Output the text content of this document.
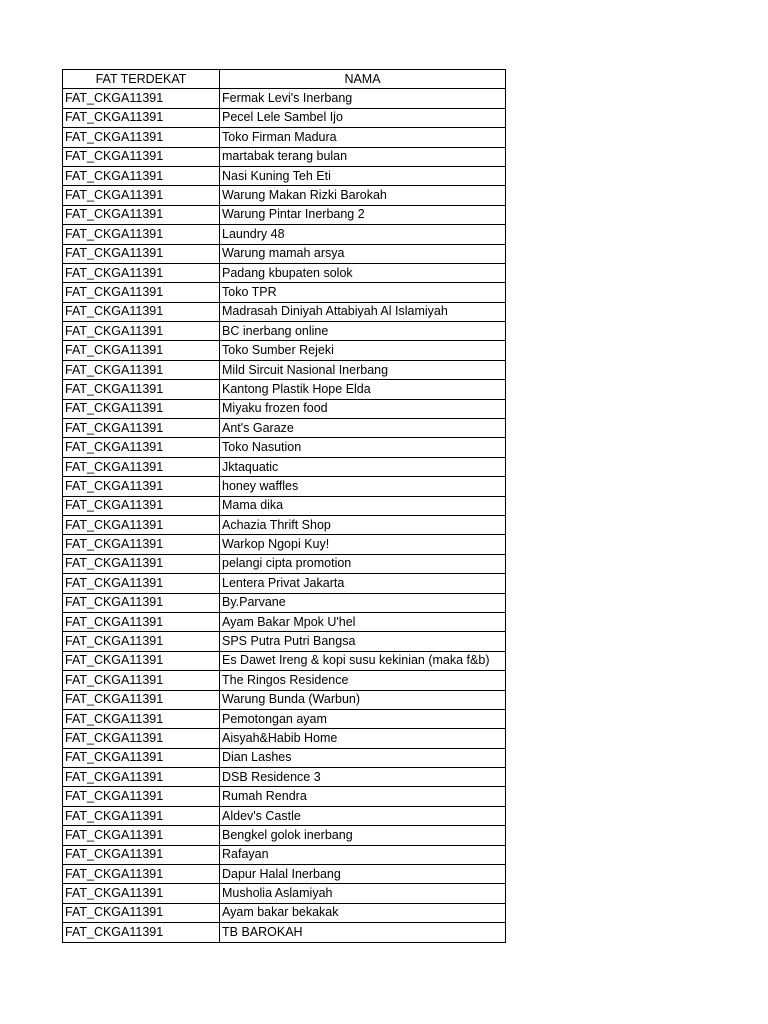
FAT TERDEKAT	NAMA
FAT_CKGA11391	Fermak Levi's Inerbang
FAT_CKGA11391	Pecel Lele Sambel Ijo
FAT_CKGA11391	Toko Firman Madura
FAT_CKGA11391	martabak terang bulan
FAT_CKGA11391	Nasi Kuning Teh Eti
FAT_CKGA11391	Warung Makan Rizki Barokah
FAT_CKGA11391	Warung Pintar Inerbang 2
FAT_CKGA11391	Laundry 48
FAT_CKGA11391	Warung mamah arsya
FAT_CKGA11391	Padang kbupaten solok
FAT_CKGA11391	Toko TPR
FAT_CKGA11391	Madrasah Diniyah Attabiyah Al Islamiyah
FAT_CKGA11391	BC inerbang online
FAT_CKGA11391	Toko Sumber Rejeki
FAT_CKGA11391	Mild Sircuit Nasional Inerbang
FAT_CKGA11391	Kantong Plastik Hope Elda
FAT_CKGA11391	Miyaku frozen food
FAT_CKGA11391	Ant's Garaze
FAT_CKGA11391	Toko Nasution
FAT_CKGA11391	Jktaquatic
FAT_CKGA11391	honey waffles
FAT_CKGA11391	Mama dika
FAT_CKGA11391	Achazia Thrift Shop
FAT_CKGA11391	Warkop Ngopi Kuy!
FAT_CKGA11391	pelangi cipta promotion
FAT_CKGA11391	Lentera Privat Jakarta
FAT_CKGA11391	By.Parvane
FAT_CKGA11391	Ayam Bakar Mpok U'hel
FAT_CKGA11391	SPS Putra Putri Bangsa
FAT_CKGA11391	Es Dawet Ireng & kopi susu kekinian (maka f&b)
FAT_CKGA11391	The Ringos Residence
FAT_CKGA11391	Warung Bunda (Warbun)
FAT_CKGA11391	Pemotongan ayam
FAT_CKGA11391	Aisyah&Habib Home
FAT_CKGA11391	Dian Lashes
FAT_CKGA11391	DSB Residence 3
FAT_CKGA11391	Rumah Rendra
FAT_CKGA11391	Aldev's Castle
FAT_CKGA11391	Bengkel golok inerbang
FAT_CKGA11391	Rafayan
FAT_CKGA11391	Dapur Halal Inerbang
FAT_CKGA11391	Musholia Aslamiyah
FAT_CKGA11391	Ayam bakar bekakak
FAT_CKGA11391	TB BAROKAH
